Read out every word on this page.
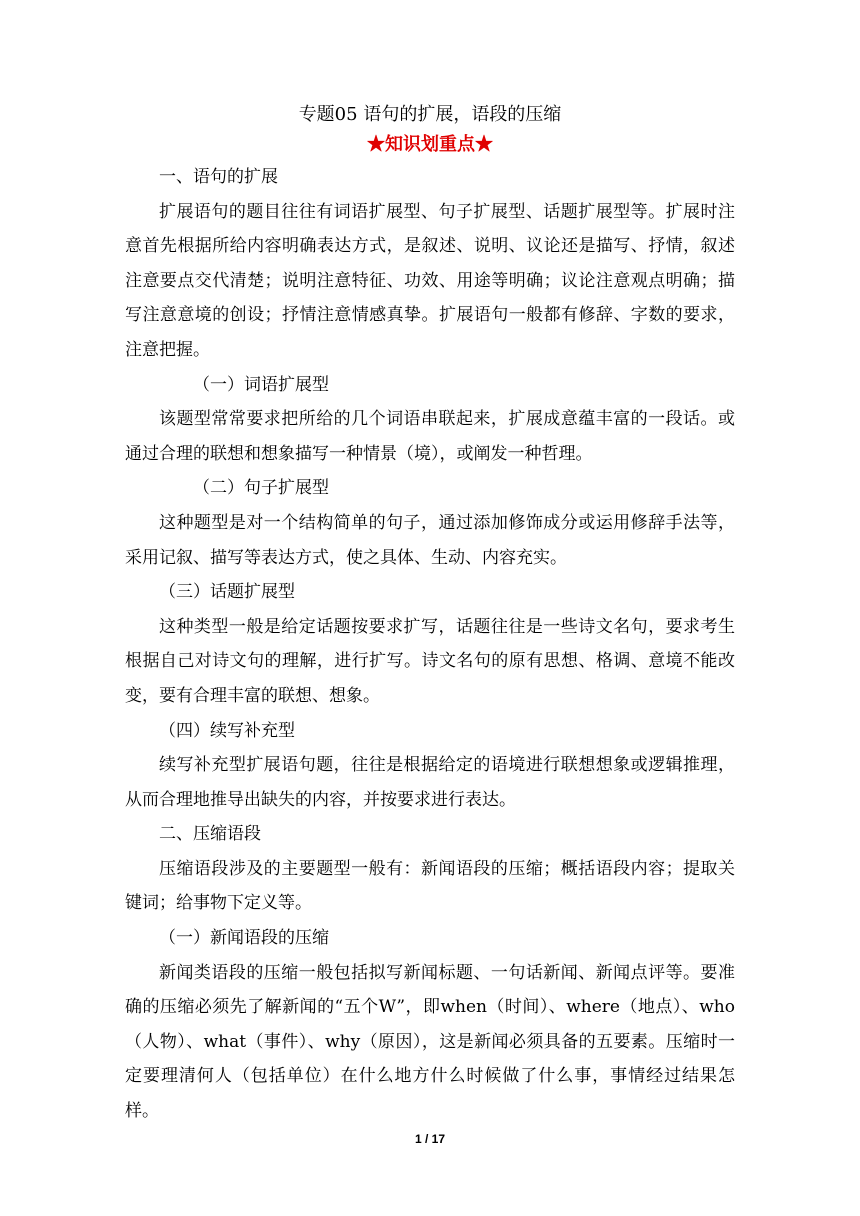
专题05 语句的扩展，语段的压缩
★知识划重点★

一、语句的扩展

扩展语句的题目往往有词语扩展型、句子扩展型、话题扩展型等。扩展时注意首先根据所给内容明确表达方式，是叙述、说明、议论还是描写、抒情，叙述注意要点交代清楚；说明注意特征、功效、用途等明确；议论注意观点明确；描写注意意境的创设；抒情注意情感真挚。扩展语句一般都有修辞、字数的要求，注意把握。

（一）词语扩展型

该题型常常要求把所给的几个词语串联起来，扩展成意蕴丰富的一段话。或通过合理的联想和想象描写一种情景（境），或阐发一种哲理。

（二）句子扩展型

这种题型是对一个结构简单的句子，通过添加修饰成分或运用修辞手法等，采用记叙、描写等表达方式，使之具体、生动、内容充实。

（三）话题扩展型

这种类型一般是给定话题按要求扩写，话题往往是一些诗文名句，要求考生根据自己对诗文句的理解，进行扩写。诗文名句的原有思想、格调、意境不能改变，要有合理丰富的联想、想象。

（四）续写补充型

续写补充型扩展语句题，往往是根据给定的语境进行联想想象或逻辑推理，从而合理地推导出缺失的内容，并按要求进行表达。

二、压缩语段

压缩语段涉及的主要题型一般有：新闻语段的压缩；概括语段内容；提取关键词；给事物下定义等。

（一）新闻语段的压缩

新闻类语段的压缩一般包括拟写新闻标题、一句话新闻、新闻点评等。要准确的压缩必须先了解新闻的“五个W”，即when（时间）、where（地点）、who（人物）、what（事件）、why（原因），这是新闻必须具备的五要素。压缩时一定要理清何人（包括单位）在什么地方什么时候做了什么事，事情经过结果怎样。

1 / 17
